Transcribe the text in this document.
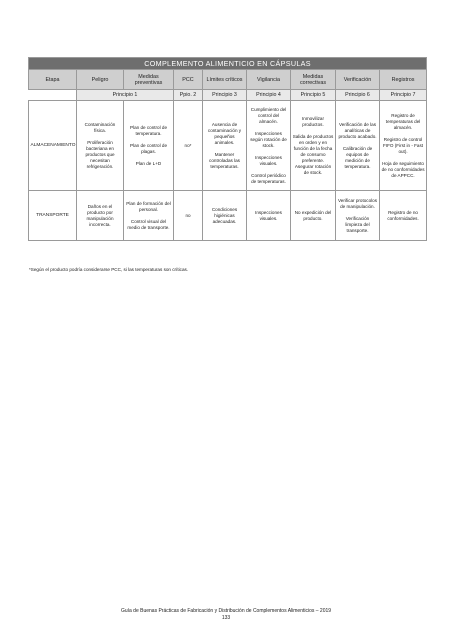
COMPLEMENTO ALIMENTICIO EN CÁPSULAS								
Etapa	Peligro	Medidas preventivas	PCC	Límites críticos	Vigilancia	Medidas correctivas	Verificación	Registros
	Principio 1		Ppio. 2	Principio 3	Principio 4	Principio 5	Principio 6	Principio 7
ALMACENAMIENTO	Contaminación física.

Proliferación bacteriana en productos que necesitan refrigeración.	Plan de control de temperatura.

Plan de control de plagas.

Plan de L+D	no*	Ausencia de contaminación y pequeños animales.

Mantener controladas las temperaturas.	Cumplimiento del control del almacén.

Inspecciones según rotación de stock.

Inspecciones visuales.

Control periódico de temperaturas.	Inmovilizar productos.

Salida de productos en orden y en función de la fecha de consumo preferente. Asegurar rotación de stock.	Verificación de las analíticas de producto acabado.

Calibración de equipos de medición de temperatura.	Registro de temperaturas del almacén.

Registro de control FIFO (First in - Fast out).

Hoja de seguimiento de no conformidades de APPCC.
TRANSPORTE	Daños en el producto por manipulación incorrecta.	Plan de formación del personal.

Control visual del medio de transporte.	no	Condiciones higiénicas adecuadas.	Inspecciones visuales.	No expedición del producto.	Verificar protocolos de manipulación.

Verificación limpieza del transporte.	Registro de no conformidades.
*Según el producto podría considerarse PCC, si las temperaturas son críticas.
Guía de Buenas Prácticas de Fabricación y Distribución de Complementos Alimenticios – 2019
133
